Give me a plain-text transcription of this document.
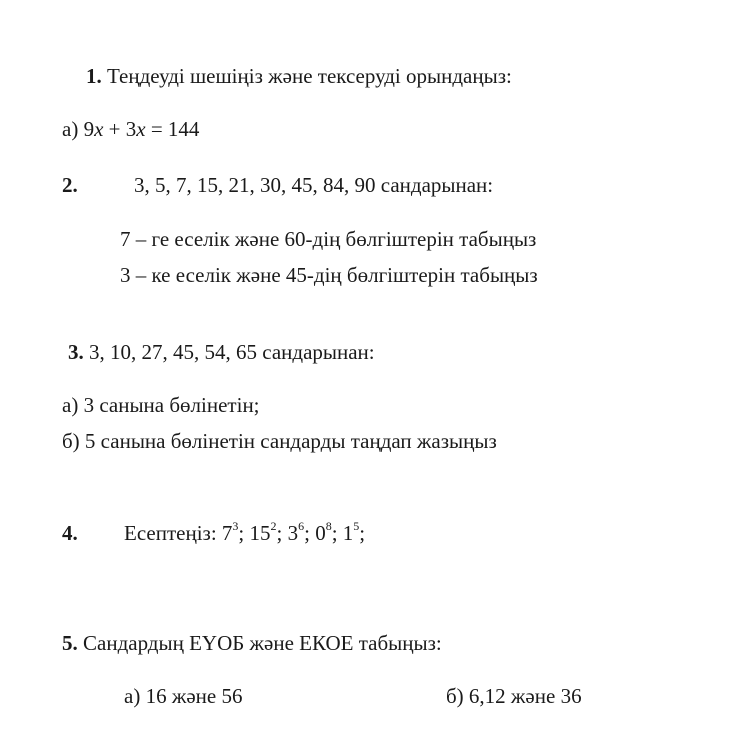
1. Теңдеуді шешіңіз және тексеруді орындаңыз:
а) 9x + 3x = 144
2.	3, 5, 7, 15, 21, 30, 45, 84, 90 сандарынан:
7 – ге еселік және 60-дің бөлгіштерін табыңыз
3 – ке еселік және 45-дің бөлгіштерін табыңыз
3. 3, 10, 27, 45, 54, 65 сандарынан:
а) 3 санына бөлінетін;
б) 5 санына бөлінетін сандарды таңдап жазыңыз
4. Есептеңіз: $7^3$; $15^2$; $3^6$; $0^8$; $1^5$;
5. Сандардың ЕҮОБ және ЕКОЕ табыңыз:
а) 16 және 56	б) 6,12 және 36
